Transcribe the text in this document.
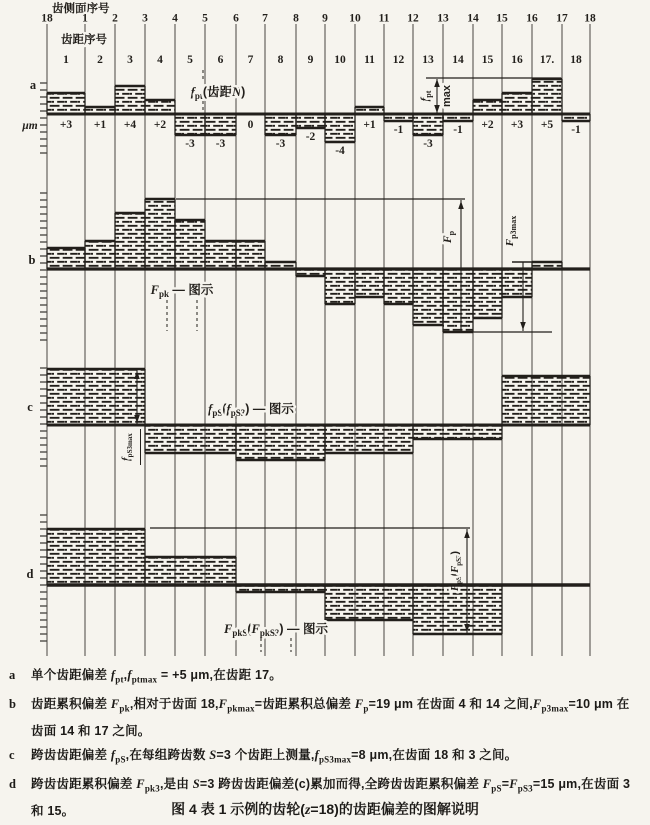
+3 +1 +4 +2
-3 -3
0
-3
-2
-4
+1 -1
-3
-1 +2 +3 +5 -1
$f_{pt}$(齿距N)
$f_{pt}$ max
$F_{pk}$ — 图示
$F_p$
$F_{p3max}$
$f_{pS}(f_{pS3})$ — 图示
$f_{pS3max}$
$F_{pkS}(F_{pkS3})$ — 图示
$F_{pS}(F_{pS3})$
齿侧面序号
18	1 2 3 4 5 6 7 8 9 10 11 12 13 14 15 16 17 18
齿距序号
1 2 3 4 5 6 7 8 9 10 11 12 13 14 15 16 17. 18
a
μm
b
c
d
a	单个齿距偏差 $f_{pt},f_{ptmax} = +5$ μm,在齿距 17。
b	齿距累积偏差 $F_{pk}$,相对于齿面 $18,F_{pkmax}=$齿距累积总偏差 $F_p=19$ μm 在齿面 4 和 14 之间$,F_{p3max}=10$ μm 在齿面 14 和 17 之间。
c	跨齿齿距偏差 $f_{pS}$,在每组跨齿数 S=3 个齿距上测量$,f_{pS3max}=8$ μm,在齿面 18 和 3 之间。
d	跨齿齿距累积偏差 $F_{pk3}$,是由 S=3 跨齿齿距偏差(c)累加而得,全跨齿齿距累积偏差 $F_{pS}=F_{pS3}=15$ μm,在齿面 3 和 15。	图 4 表 1 示例的齿轮(z=18)的齿距偏差的图解说明
